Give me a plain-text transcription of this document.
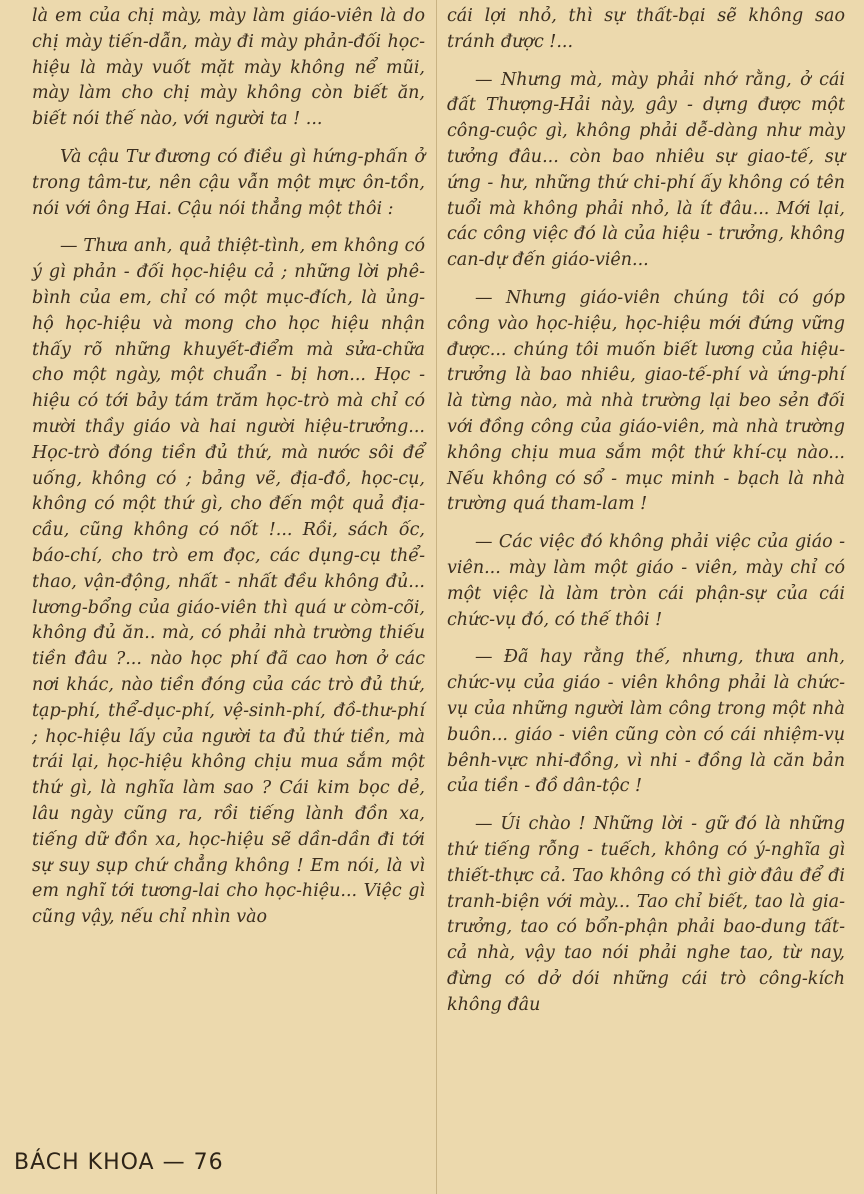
là em của chị mày, mày làm giáo-viên là do chị mày tiến-dẫn, mày đi mày phản-đối học-hiệu là mày vuốt mặt mày không nể mũi, mày làm cho chị mày không còn biết ăn, biết nói thế nào, với người ta ! ...

Và cậu Tư đương có điều gì hứng-phấn ở trong tâm-tư, nên cậu vẫn một mực ôn-tồn, nói với ông Hai. Cậu nói thẳng một thôi :

— Thưa anh, quả thiệt-tình, em không có ý gì phản - đối học-hiệu cả ; những lời phê-bình của em, chỉ có một mục-đích, là ủng-hộ học-hiệu và mong cho học hiệu nhận thấy rõ những khuyết-điểm mà sửa-chữa cho một ngày, một chuẩn - bị hơn... Học - hiệu có tới bảy tám trăm học-trò mà chỉ có mười thầy giáo và hai người hiệu-trưởng... Học-trò đóng tiền đủ thứ, mà nước sôi để uống, không có ; bảng vẽ, địa-đồ, học-cụ, không có một thứ gì, cho đến một quả địa-cầu, cũng không có nốt !... Rồi, sách ốc, báo-chí, cho trò em đọc, các dụng-cụ thể-thao, vận-động, nhất - nhất đều không đủ... lương-bổng của giáo-viên thì quá ư còm-cõi, không đủ ăn.. mà, có phải nhà trường thiếu tiền đâu ?... nào học phí đã cao hơn ở các nơi khác, nào tiền đóng của các trò đủ thứ, tạp-phí, thể-dục-phí, vệ-sinh-phí, đồ-thư-phí ; học-hiệu lấy của người ta đủ thứ tiền, mà trái lại, học-hiệu không chịu mua sắm một thứ gì, là nghĩa làm sao ? Cái kim bọc dẻ, lâu ngày cũng ra, rồi tiếng lành đồn xa, tiếng dữ đồn xa, học-hiệu sẽ dần-dần đi tới sự suy sụp chứ chẳng không ! Em nói, là vì em nghĩ tới tương-lai cho học-hiệu... Việc gì cũng vậy, nếu chỉ nhìn vào

cái lợi nhỏ, thì sự thất-bại sẽ không sao tránh được !...

— Nhưng mà, mày phải nhớ rằng, ở cái đất Thượng-Hải này, gây - dựng được một công-cuộc gì, không phải dễ-dàng như mày tưởng đâu... còn bao nhiêu sự giao-tế, sự ứng - hư, những thứ chi-phí ấy không có tên tuổi mà không phải nhỏ, là ít đâu... Mới lại, các công việc đó là của hiệu - trưởng, không can-dự đến giáo-viên...

— Nhưng giáo-viên chúng tôi có góp công vào học-hiệu, học-hiệu mới đứng vững được... chúng tôi muốn biết lương của hiệu-trưởng là bao nhiêu, giao-tế-phí và ứng-phí là từng nào, mà nhà trường lại beo sẻn đối với đồng công của giáo-viên, mà nhà trường không chịu mua sắm một thứ khí-cụ nào... Nếu không có sổ - mục minh - bạch là nhà trường quá tham-lam !

— Các việc đó không phải việc của giáo - viên... mày làm một giáo - viên, mày chỉ có một việc là làm tròn cái phận-sự của cái chức-vụ đó, có thế thôi !

— Đã hay rằng thế, nhưng, thưa anh, chức-vụ của giáo - viên không phải là chức-vụ của những người làm công trong một nhà buôn... giáo - viên cũng còn có cái nhiệm-vụ bênh-vực nhi-đồng, vì nhi - đồng là căn bản của tiền - đồ dân-tộc !

— Úi chào ! Những lời - gữ đó là những thứ tiếng rỗng - tuếch, không có ý-nghĩa gì thiết-thực cả. Tao không có thì giờ đâu để đi tranh-biện với mày... Tao chỉ biết, tao là gia-trưởng, tao có bổn-phận phải bao-dung tất-cả nhà, vậy tao nói phải nghe tao, từ nay, đừng có dở dói những cái trò công-kích không đâu

BÁCH KHOA — 76
